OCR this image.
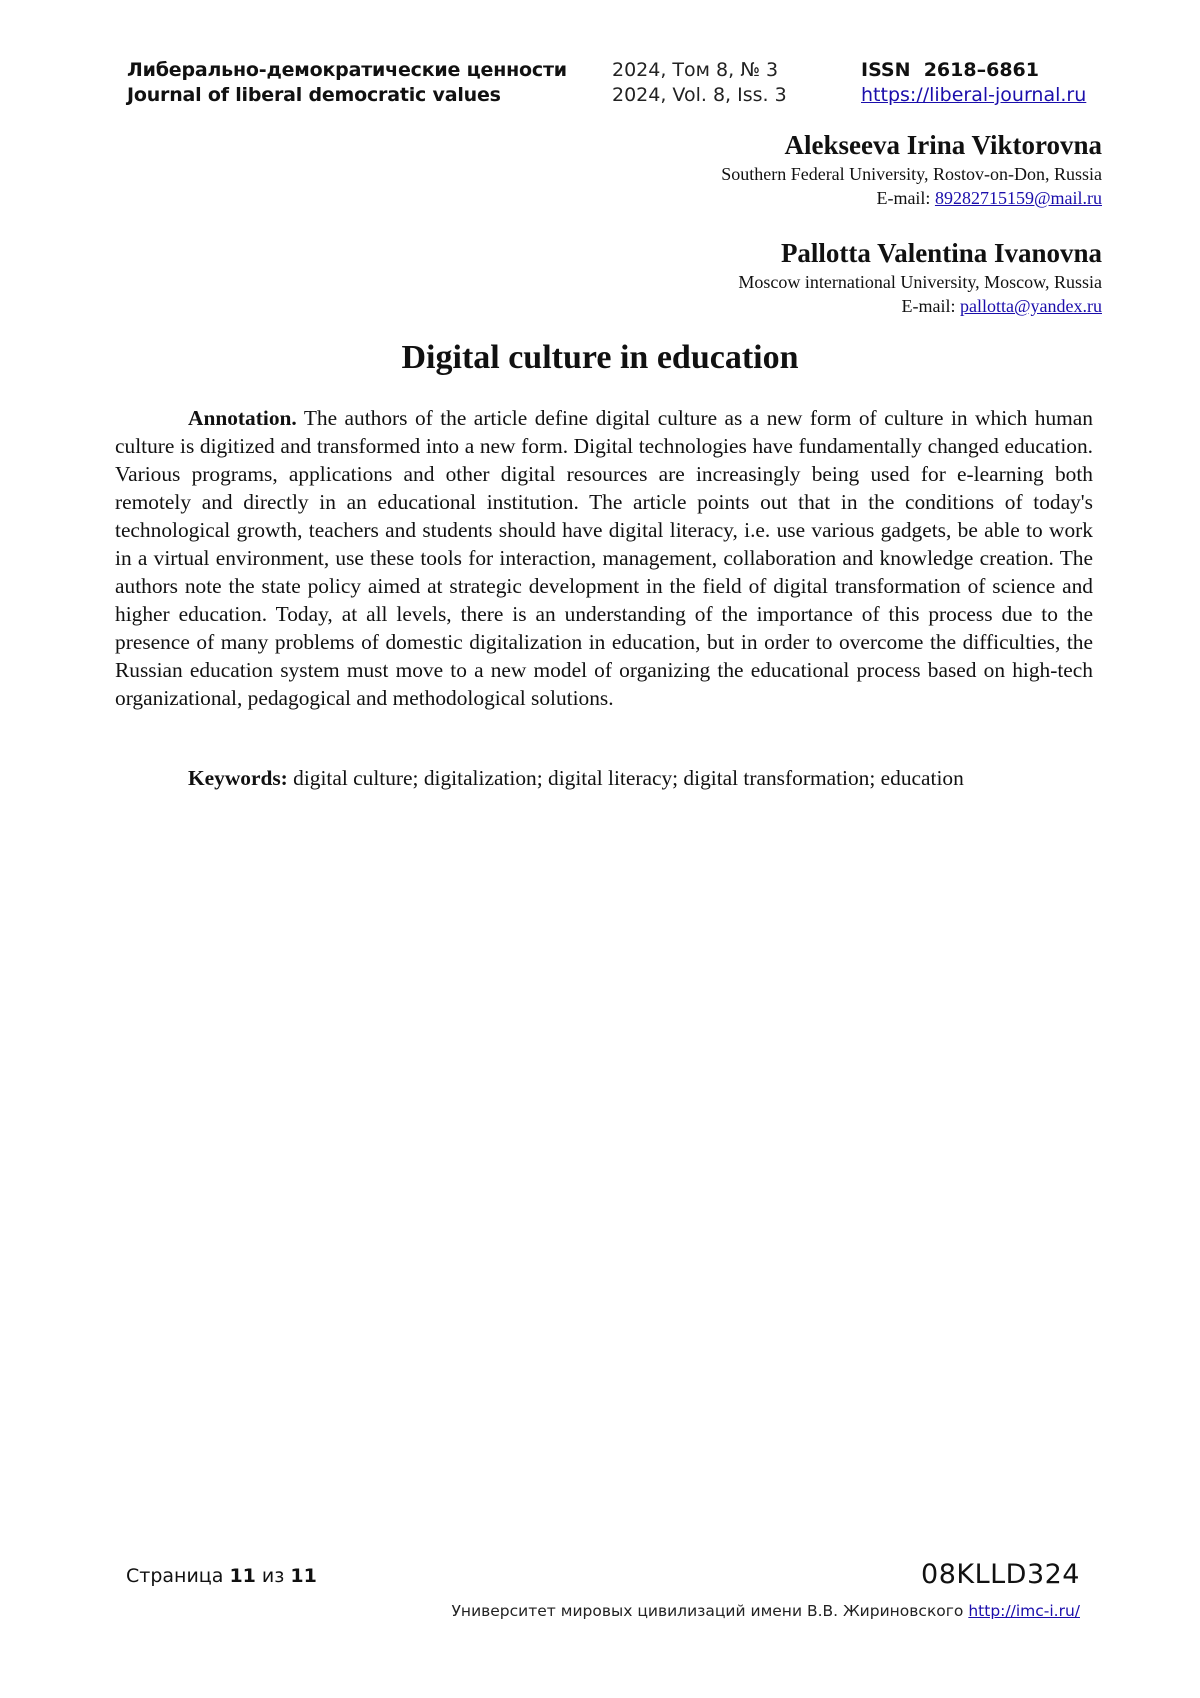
Либерально-демократические ценности
Journal of liberal democratic values
2024, Том 8, № 3
2024, Vol. 8, Iss. 3
ISSN  2618–6861
https://liberal-journal.ru
Alekseeva Irina Viktorovna
Southern Federal University, Rostov-on-Don, Russia
E-mail: 89282715159@mail.ru
Pallotta Valentina Ivanovna
Moscow international University, Moscow, Russia
E-mail: pallotta@yandex.ru
Digital culture in education
Annotation. The authors of the article define digital culture as a new form of culture in which human culture is digitized and transformed into a new form. Digital technologies have fundamentally changed education. Various programs, applications and other digital resources are increasingly being used for e-learning both remotely and directly in an educational institution. The article points out that in the conditions of today's technological growth, teachers and students should have digital literacy, i.e. use various gadgets, be able to work in a virtual environment, use these tools for interaction, management, collaboration and knowledge creation. The authors note the state policy aimed at strategic development in the field of digital transformation of science and higher education. Today, at all levels, there is an understanding of the importance of this process due to the presence of many problems of domestic digitalization in education, but in order to overcome the difficulties, the Russian education system must move to a new model of organizing the educational process based on high-tech organizational, pedagogical and methodological solutions.
Keywords: digital culture; digitalization; digital literacy; digital transformation; education
Страница 11 из 11	08KLLD324
Университет мировых цивилизаций имени В.В. Жириновского http://imc-i.ru/
